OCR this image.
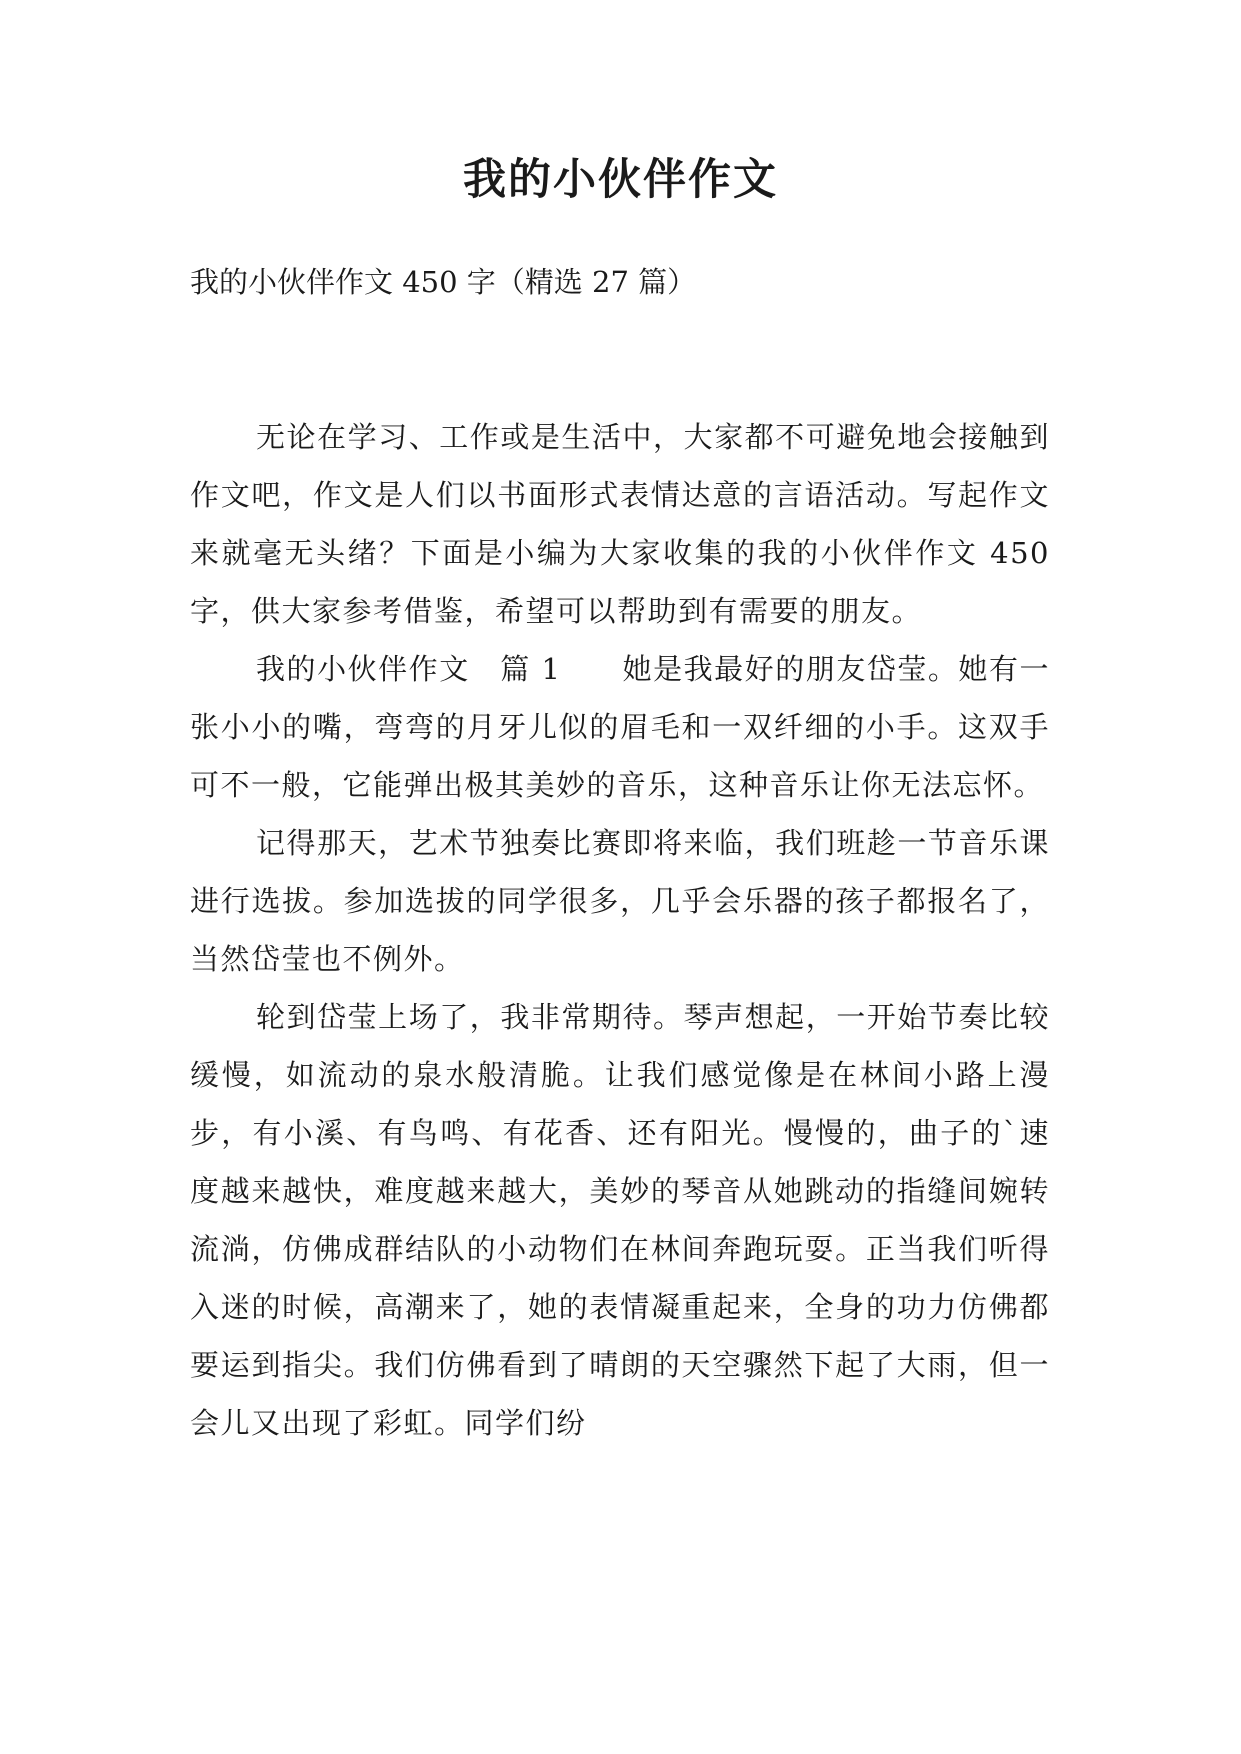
我的小伙伴作文
我的小伙伴作文 450 字（精选 27 篇）

无论在学习、工作或是生活中，大家都不可避免地会接触到作文吧，作文是人们以书面形式表情达意的言语活动。写起作文来就毫无头绪？下面是小编为大家收集的我的小伙伴作文 450 字，供大家参考借鉴，希望可以帮助到有需要的朋友。

我的小伙伴作文　篇 1　　她是我最好的朋友岱莹。她有一张小小的嘴，弯弯的月牙儿似的眉毛和一双纤细的小手。这双手可不一般，它能弹出极其美妙的音乐，这种音乐让你无法忘怀。

记得那天，艺术节独奏比赛即将来临，我们班趁一节音乐课进行选拔。参加选拔的同学很多，几乎会乐器的孩子都报名了，当然岱莹也不例外。

轮到岱莹上场了，我非常期待。琴声想起，一开始节奏比较缓慢，如流动的泉水般清脆。让我们感觉像是在林间小路上漫步，有小溪、有鸟鸣、有花香、还有阳光。慢慢的，曲子的`速度越来越快，难度越来越大，美妙的琴音从她跳动的指缝间婉转流淌，仿佛成群结队的小动物们在林间奔跑玩耍。正当我们听得入迷的时候，高潮来了，她的表情凝重起来，全身的功力仿佛都要运到指尖。我们仿佛看到了晴朗的天空骤然下起了大雨，但一会儿又出现了彩虹。同学们纷
